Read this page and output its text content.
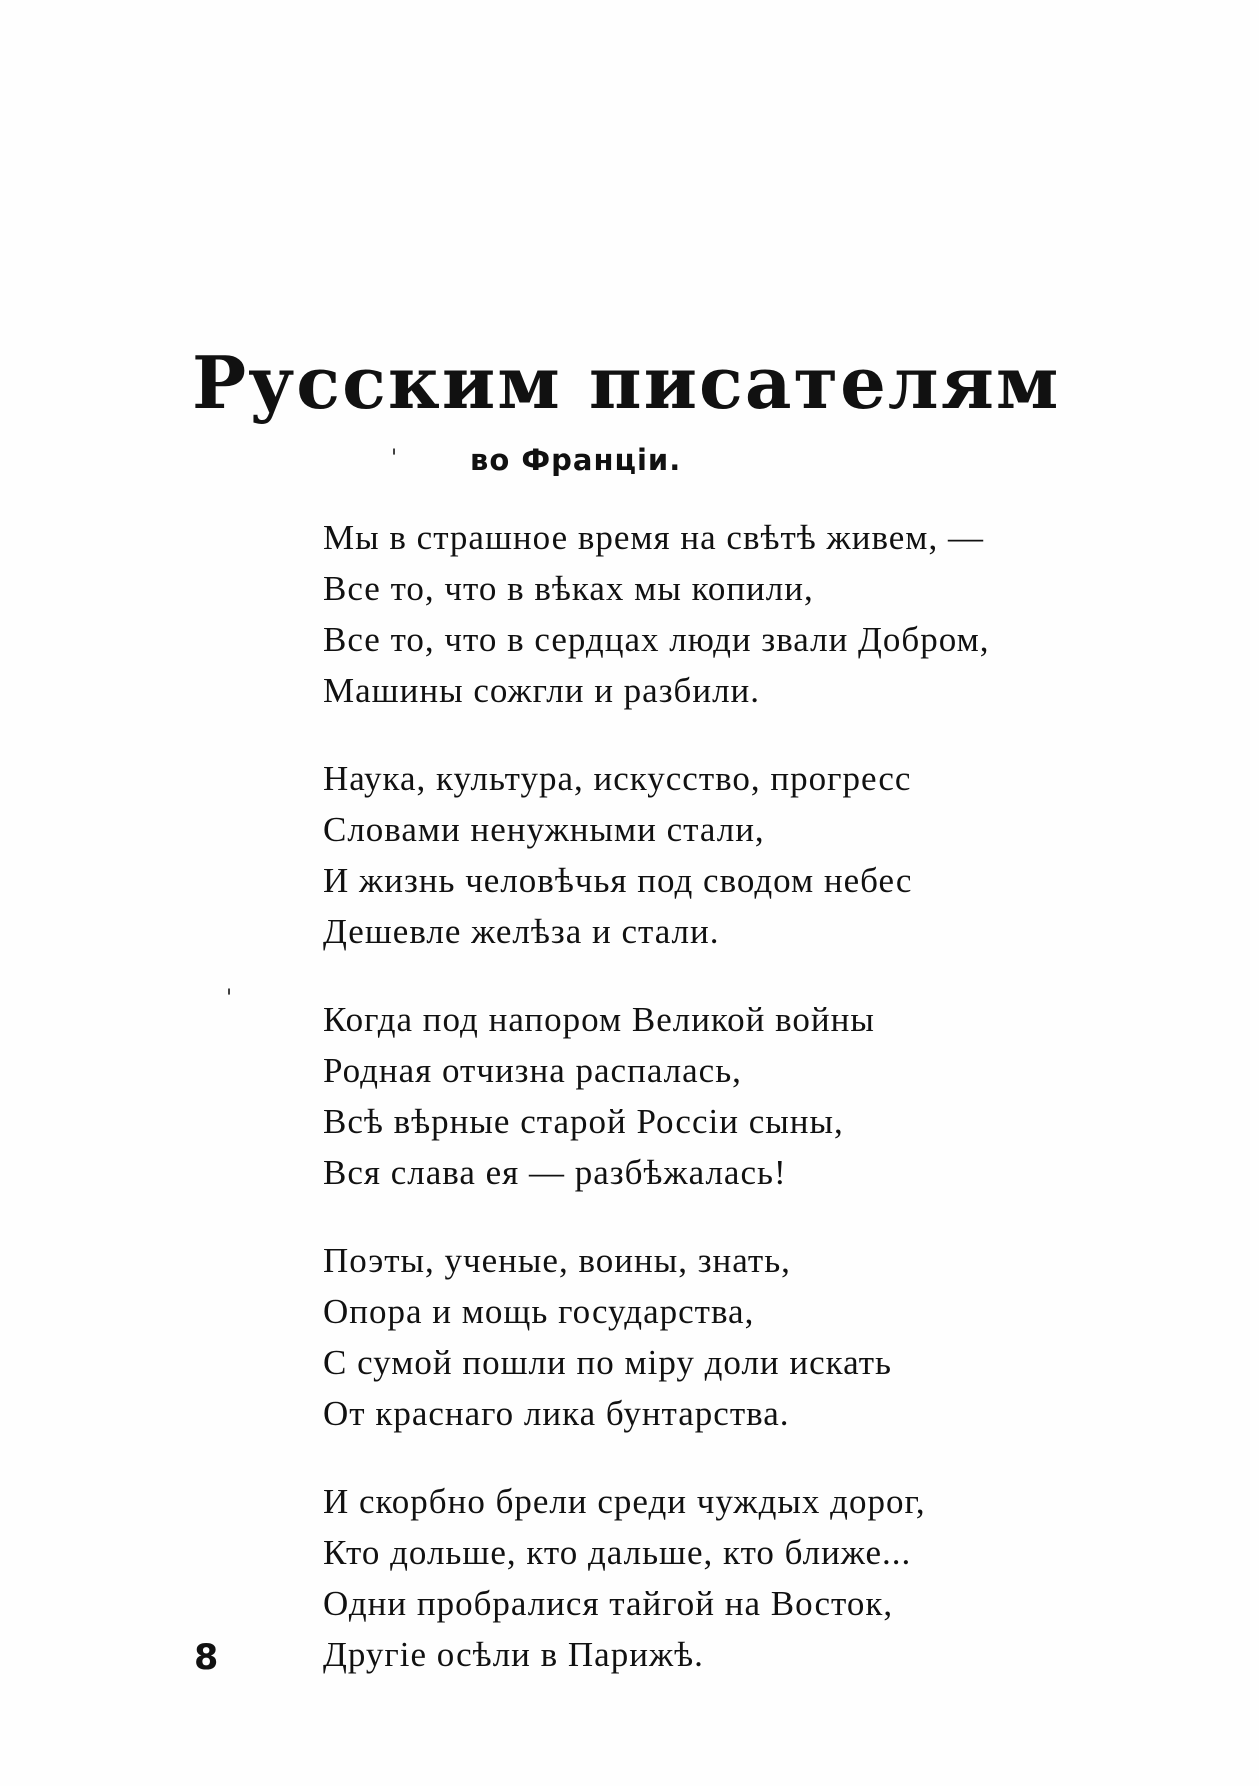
Русским писателям
во Франціи.
'
'
Мы в страшное время на свѣтѣ живем, —
Все то, что в вѣках мы копили,
Все то, что в сердцах люди звали Добром,
Машины сожгли и разбили.
Наука, культура, искусство, прогресс
Словами ненужными стали,
И жизнь человѣчья под сводом небес
Дешевле желѣза и стали.
Когда под напором Великой войны
Родная отчизна распалась,
Всѣ вѣрные старой Россіи сыны,
Вся слава ея — разбѣжалась!
Поэты, ученые, воины, знать,
Опора и мощь государства,
С сумой пошли по міру доли искать
От краснаго лика бунтарства.
И скорбно брели среди чуждых дорог,
Кто дольше, кто дальше, кто ближе...
Одни пробралися тайгой на Восток,
Другіе осѣли в Парижѣ.
8
